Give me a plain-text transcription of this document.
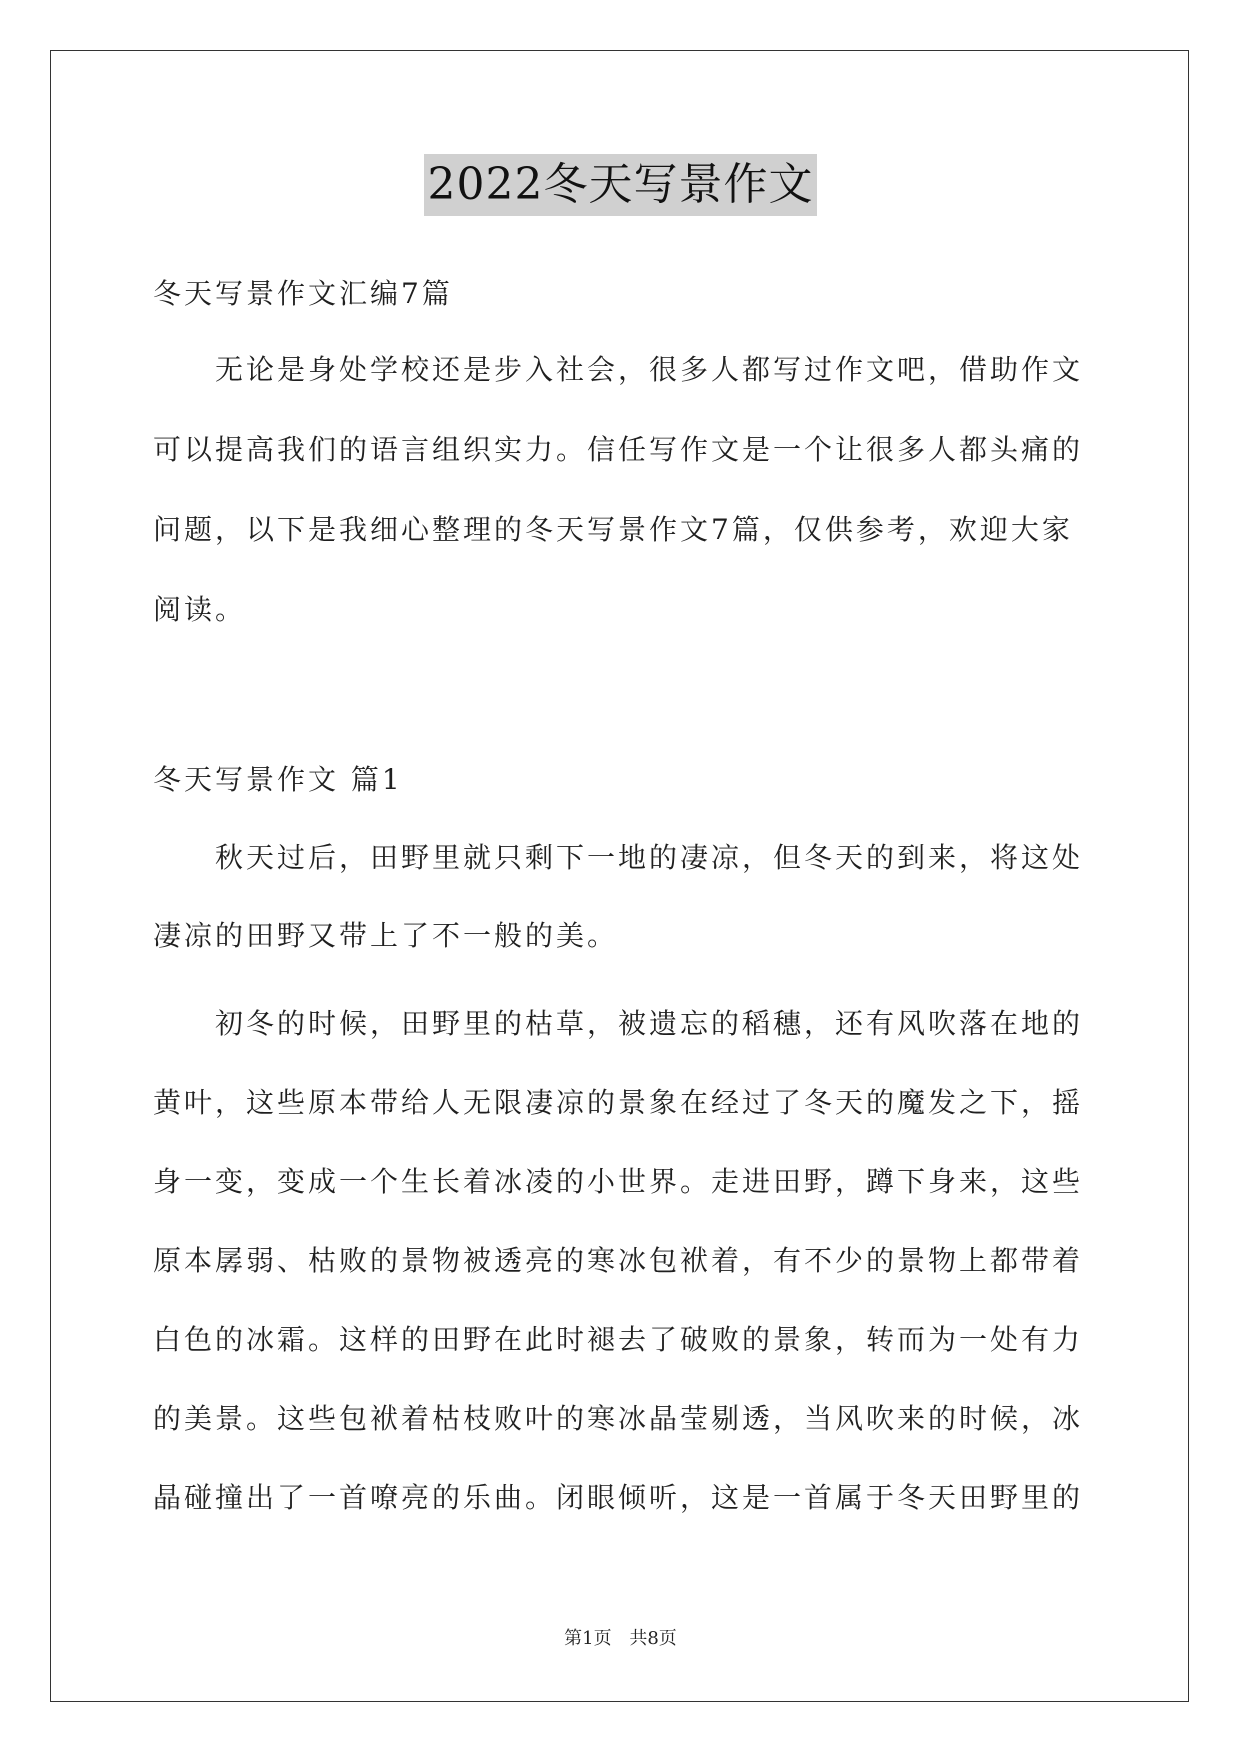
2022冬天写景作文
冬天写景作文汇编7篇
　　无论是身处学校还是步入社会，很多人都写过作文吧，借助作文
可以提高我们的语言组织实力。信任写作文是一个让很多人都头痛的
问题，以下是我细心整理的冬天写景作文7篇，仅供参考，欢迎大家
阅读。
冬天写景作文 篇1
　　秋天过后，田野里就只剩下一地的凄凉，但冬天的到来，将这处
凄凉的田野又带上了不一般的美。
　　初冬的时候，田野里的枯草，被遗忘的稻穗，还有风吹落在地的
黄叶，这些原本带给人无限凄凉的景象在经过了冬天的魔发之下，摇
身一变，变成一个生长着冰凌的小世界。走进田野，蹲下身来，这些
原本孱弱、枯败的景物被透亮的寒冰包袱着，有不少的景物上都带着
白色的冰霜。这样的田野在此时褪去了破败的景象，转而为一处有力
的美景。这些包袱着枯枝败叶的寒冰晶莹剔透，当风吹来的时候，冰
晶碰撞出了一首嘹亮的乐曲。闭眼倾听，这是一首属于冬天田野里的
第1页 共8页
